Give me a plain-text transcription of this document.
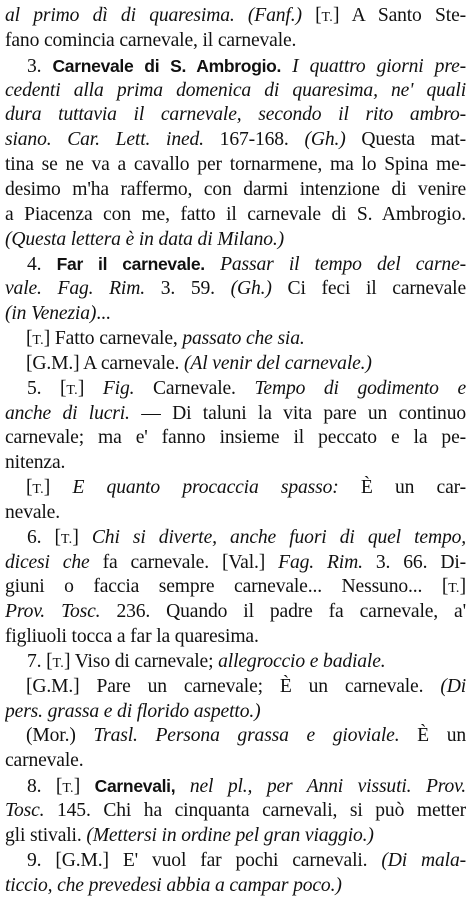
al primo dì di quaresima. (Fanf.) [T.] A Santo Ste-
fano comincia carnevale, il carnevale.
3. Carnevale di S. Ambrogio. I quattro giorni pre-
cedenti alla prima domenica di quaresima, ne' quali
dura tuttavia il carnevale, secondo il rito ambro-
siano. Car. Lett. ined. 167-168. (Gh.) Questa mat-
tina se ne va a cavallo per tornarmene, ma lo Spina me-
desimo m'ha raffermo, con darmi intenzione di venire
a Piacenza con me, fatto il carnevale di S. Ambrogio.
(Questa lettera è in data di Milano.)
4. Far il carnevale. Passar il tempo del carne-
vale. Fag. Rim. 3. 59. (Gh.) Ci feci il carnevale
(in Venezia)...
[T.] Fatto carnevale, passato che sia.
[G.M.] A carnevale. (Al venir del carnevale.)
5. [T.] Fig. Carnevale. Tempo di godimento e
anche di lucri. — Di taluni la vita pare un continuo
carnevale; ma e' fanno insieme il peccato e la pe-
nitenza.
[T.] E quanto procaccia spasso: È un car-
nevale.
6. [T.] Chi si diverte, anche fuori di quel tempo,
dicesi che fa carnevale. [Val.] Fag. Rim. 3. 66. Di-
giuni o faccia sempre carnevale... Nessuno... [T.]
Prov. Tosc. 236. Quando il padre fa carnevale, a'
figliuoli tocca a far la quaresima.
7. [T.] Viso di carnevale; allegroccio e badiale.
[G.M.] Pare un carnevale; È un carnevale. (Di
pers. grassa e di florido aspetto.)
(Mor.) Trasl. Persona grassa e gioviale. È un
carnevale.
8. [T.] Carnevali, nel pl., per Anni vissuti. Prov.
Tosc. 145. Chi ha cinquanta carnevali, si può metter
gli stivali. (Mettersi in ordine pel gran viaggio.)
9. [G.M.] E' vuol far pochi carnevali. (Di mala-
ticcio, che prevedesi abbia a campar poco.)
